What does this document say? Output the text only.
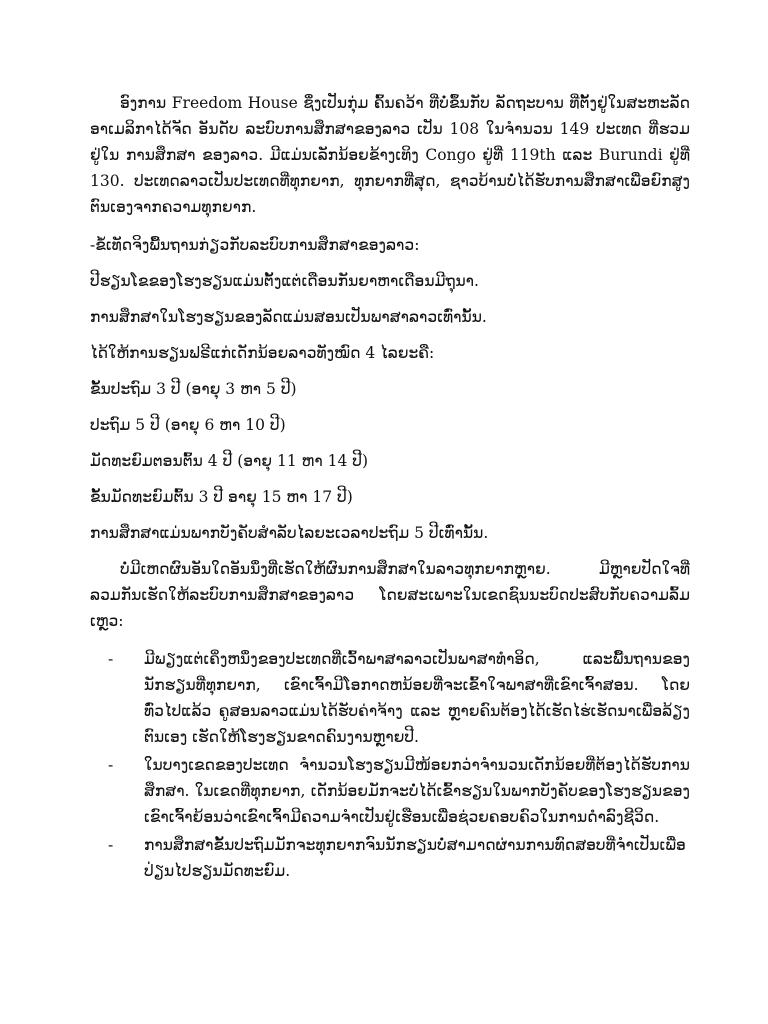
ອົງການ Freedom House ຊຶ່ງເປັນກຸ່ມ ຄົ້ນຄວ້າ ທີ່ບໍ່ຂຶ້ນກັບ ລັດຖະບານ ທີ່ຕັ້ງຢູ່ໃນສະຫະລັດອາເມລິກາໄດ້ຈັດ ອັນດັບ ລະບົບການສຶກສາຂອງລາວ ເປັນ 108 ໃນຈຳນວນ 149 ປະເທດ ທີ່ຮວມຢູ່ໃນ ການສຶກສາ ຂອງລາວ. ມີແມ່ນເລັກນ້ອຍຂ້າງເທິງ Congo ຢູ່ທີ່ 119th ແລະ Burundi ຢູ່ທີ່ 130. ປະເທດລາວເປັນປະເທດທີ່ທຸກຍາກ, ທຸກຍາກທີ່ສຸດ, ຊາວບ້ານບໍ່ໄດ້ຮັບການສຶກສາເພື່ອຍົກສູງຕົນເອງຈາກຄວາມທຸກຍາກ.

-ຂໍ້ເທັດຈິງພື້ນຖານກ່ຽວກັບລະບົບການສຶກສາຂອງລາວ:

ປີຮຽນໂຂຂອງໂຮງຮຽນແມ່ນຕັ້ງແຕ່ເດືອນກັນຍາຫາເດືອນມີຖຸນາ.

ການສຶກສາໃນໂຮງຮຽນຂອງລັດແມ່ນສອນເປັນພາສາລາວເທົ່ານັ້ນ.

ໄດ້ໃຫ້ການຮຽນຟຣີແກ່ເດັກນ້ອຍລາວທັງໝົດ 4 ໄລຍະຄື:

ຂັ້ນປະຖົມ 3 ປີ (ອາຍຸ 3 ຫາ 5 ປີ)

ປະຖົມ 5 ປີ (ອາຍຸ 6 ຫາ 10 ປີ)

ມັດທະຍົມຕອນຕົ້ນ 4 ປີ (ອາຍຸ 11 ຫາ 14 ປີ)

ຂັ້ນມັດທະຍົມຕົ້ນ 3 ປີ ອາຍຸ 15 ຫາ 17 ປີ)

ການສຶກສາແມ່ນພາກບັງຄັບສຳລັບໄລຍະເວລາປະຖົມ 5 ປີເທົ່ານັ້ນ.

ບໍ່ມີເຫດຜົນອັນໃດອັນນຶ່ງທີ່ເຮັດໃຫ້ຜົນການສຶກສາໃນລາວທຸກຍາກຫຼາຍ. ມີຫຼາຍປັດໃຈທີ່ລວມກັນເຮັດໃຫ້ລະບົບການສຶກສາຂອງລາວ ໂດຍສະເພາະໃນເຂດຊົນນະບົດປະສົບກັບຄວາມລົ້ມເຫຼວ:

- ມີພຽງແຕ່ເຄິ່ງຫນຶ່ງຂອງປະເທດທີ່ເວົ້າພາສາລາວເປັນພາສາທຳອິດ, ແລະພື້ນຖານຂອງນັກຮຽນທີ່ທຸກຍາກ, ເຂົາເຈົ້າມີໂອກາດຫນ້ອຍທີ່ຈະເຂົ້າໃຈພາສາທີ່ເຂົາເຈົ້າສອນ. ໂດຍທົ່ວໄປແລ້ວ ຄູສອນລາວແມ່ນໄດ້ຮັບຄ່າຈ້າງ ແລະ ຫຼາຍຄົນຕ້ອງໄດ້ເຮັດໄຮ່ເຮັດນາເພື່ອລ້ຽງຕົນເອງ ເຮັດໃຫ້ໂຮງຮຽນຂາດຄົນງານຫຼາຍປີ.
- ໃນບາງເຂດຂອງປະເທດ ຈຳນວນໂຮງຮຽນມີໜ້ອຍກວ່າຈຳນວນເດັກນ້ອຍທີ່ຕ້ອງໄດ້ຮັບການສຶກສາ. ໃນເຂດທີ່ທຸກຍາກ, ເດັກນ້ອຍມັກຈະບໍ່ໄດ້ເຂົ້າຮຽນໃນພາກບັງຄັບຂອງໂຮງຮຽນຂອງເຂົາເຈົ້າຍ້ອນວ່າເຂົາເຈົ້າມີຄວາມຈຳເປັນຢູ່ເຮືອນເພື່ອຊ່ວຍຄອບຄົວໃນການດຳລົງຊີວິດ.
- ການສຶກສາຂັ້ນປະຖົມມັກຈະທຸກຍາກຈົນນັກຮຽນບໍ່ສາມາດຜ່ານການທົດສອບທີ່ຈຳເປັນເພື່ອປ່ຽນໄປຮຽນມັດທະຍົມ.
